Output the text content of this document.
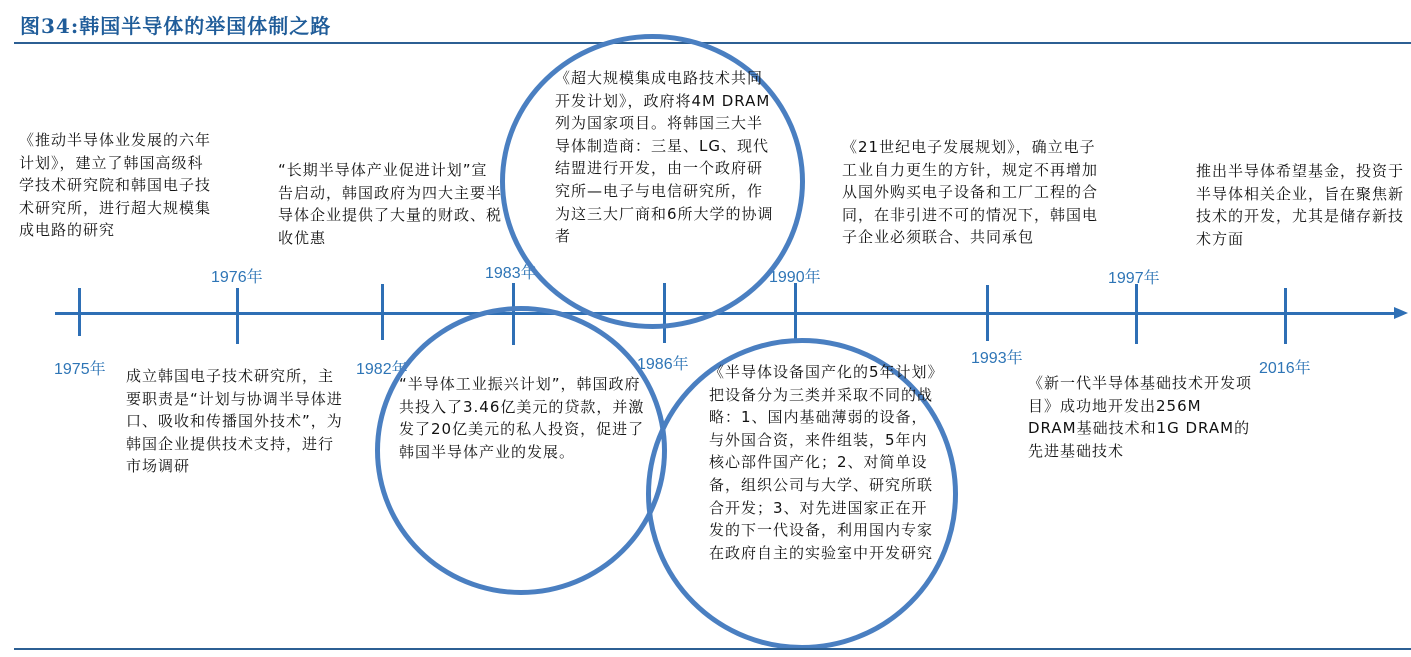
图34:韩国半导体的举国体制之路
1975年
1976年
1982年
1983年
1986年
1990年
1993年
1997年
2016年
《推动半导体业发展的六年计划》，建立了韩国高级科学技术研究院和韩国电子技术研究所，进行超大规模集成电路的研究
成立韩国电子技术研究所，主要职责是“计划与协调半导体进口、吸收和传播国外技术”，为韩国企业提供技术支持，进行市场调研
“长期半导体产业促进计划”宣告启动，韩国政府为四大主要半导体企业提供了大量的财政、税收优惠
“半导体工业振兴计划”，韩国政府共投入了3.46亿美元的贷款，并激发了20亿美元的私人投资，促进了韩国半导体产业的发展。
《超大规模集成电路技术共同开发计划》，政府将4M DRAM列为国家项目。将韩国三大半导体制造商：三星、LG、现代结盟进行开发，由一个政府研究所—电子与电信研究所，作为这三大厂商和6所大学的协调者
《半导体设备国产化的5年计划》把设备分为三类并采取不同的战略：1、国内基础薄弱的设备，与外国合资，来件组装，5年内核心部件国产化；2、对简单设备，组织公司与大学、研究所联合开发；3、对先进国家正在开发的下一代设备，利用国内专家在政府自主的实验室中开发研究
《21世纪电子发展规划》，确立电子工业自力更生的方针，规定不再增加从国外购买电子设备和工厂工程的合同，在非引进不可的情况下，韩国电子企业必须联合、共同承包
《新一代半导体基础技术开发项目》成功地开发出256M DRAM基础技术和1G DRAM的先进基础技术
推出半导体希望基金，投资于半导体相关企业，旨在聚焦新技术的开发，尤其是储存新技术方面
